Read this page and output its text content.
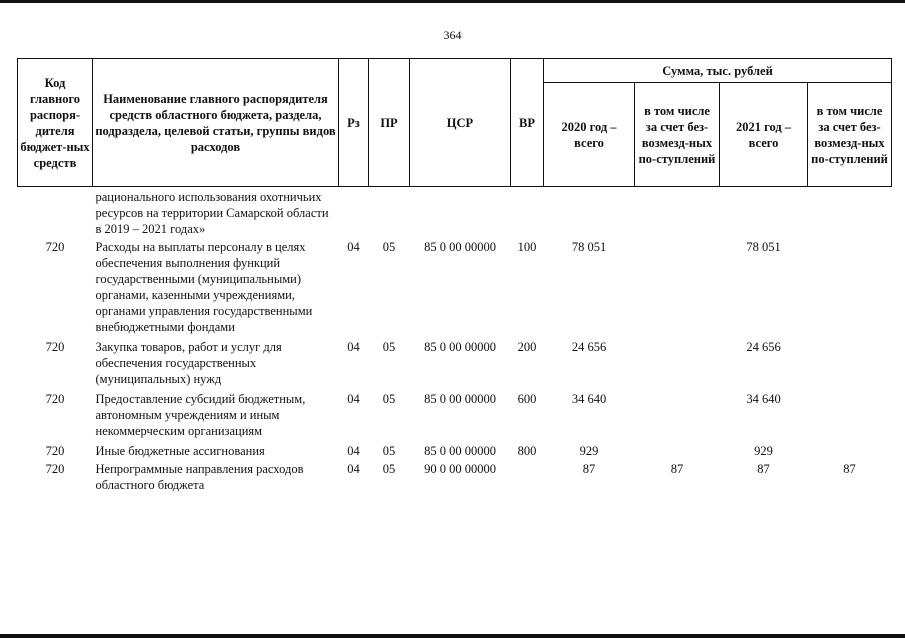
364
Код главного распоря-дителя бюджет-ных средств	Наименование главного распорядителя средств областного бюджета, раздела, подраздела, целевой статьи, группы видов расходов	Рз	ПР	ЦСР	ВР	Сумма, тыс. рублей			
						2020 год – всего	в том числе за счет без-возмезд-ных по-ступлений	2021 год – всего	в том числе за счет без-возмезд-ных по-ступлений
	рационального использования охотничьих ресурсов на территории Самарской области в 2019 – 2021 годах»								
720	Расходы на выплаты персоналу в целях обеспечения выполнения функций государственными (муниципальными) органами, казенными учреждениями, органами управления государственными внебюджетными фондами	04	05	85 0 00 00000	100	78 051		78 051	
720	Закупка товаров, работ и услуг для обеспечения государственных (муниципальных) нужд	04	05	85 0 00 00000	200	24 656		24 656	
720	Предоставление субсидий бюджетным, автономным учреждениям и иным некоммерческим организациям	04	05	85 0 00 00000	600	34 640		34 640	
720	Иные бюджетные ассигнования	04	05	85 0 00 00000	800	929		929	
720	Непрограммные направления расходов областного бюджета	04	05	90 0 00 00000		87	87	87	87
